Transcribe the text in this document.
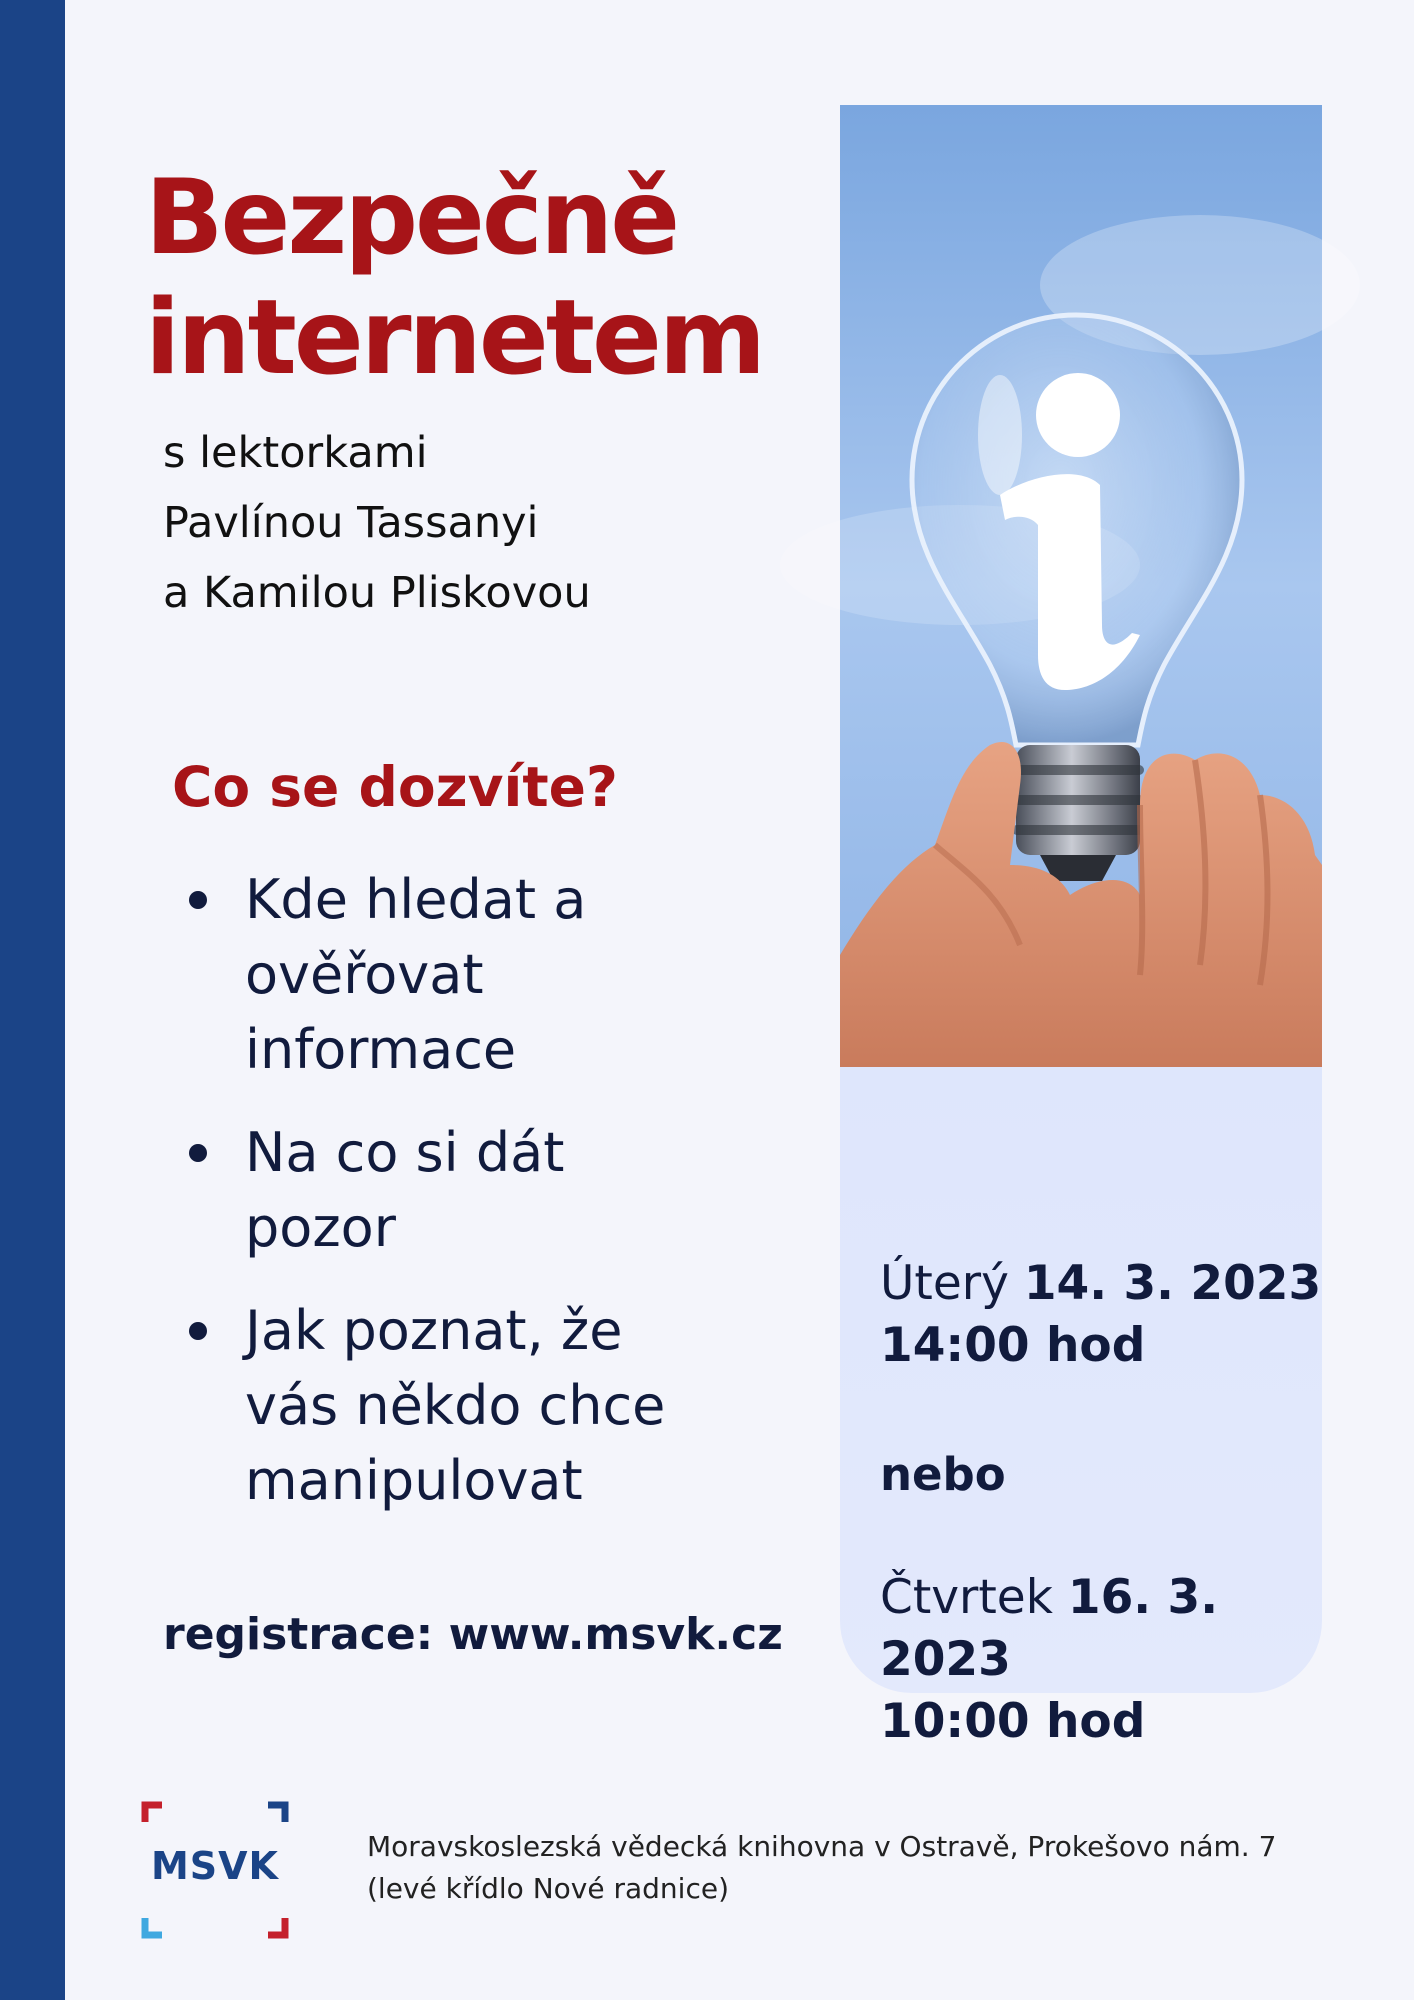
Bezpečně
internetem

s lektorkami
Pavlínou Tassanyi
a Kamilou Pliskovou

Co se dozvíte?
Kde hledat a ověřovat informace
Na co si dát pozor
Jak poznat, že vás někdo chce manipulovat

registrace: www.msvk.cz

Úterý 14. 3. 2023
14:00 hod
nebo
Čtvrtek 16. 3. 2023
10:00 hod
MSVK	Moravskoslezská vědecká knihovna v Ostravě, Prokešovo nám. 7
(levé křídlo Nové radnice)
